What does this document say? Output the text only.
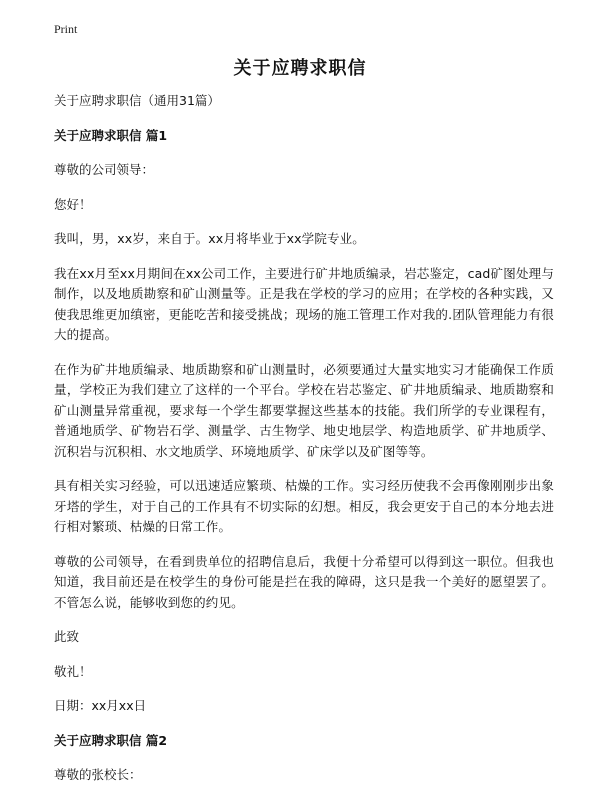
Print
关于应聘求职信
关于应聘求职信（通用31篇）
关于应聘求职信 篇1
尊敬的公司领导：
您好！
我叫，男，xx岁，来自于。xx月将毕业于xx学院专业。
我在xx月至xx月期间在xx公司工作，主要进行矿井地质编录，岩芯鉴定，cad矿图处理与制作，以及地质勘察和矿山测量等。正是我在学校的学习的应用；在学校的各种实践，又使我思维更加缜密，更能吃苦和接受挑战；现场的施工管理工作对我的.团队管理能力有很大的提高。
在作为矿井地质编录、地质勘察和矿山测量时，必须要通过大量实地实习才能确保工作质量，学校正为我们建立了这样的一个平台。学校在岩芯鉴定、矿井地质编录、地质勘察和矿山测量异常重视，要求每一个学生都要掌握这些基本的技能。我们所学的专业课程有，普通地质学、矿物岩石学、测量学、古生物学、地史地层学、构造地质学、矿井地质学、沉积岩与沉积相、水文地质学、环境地质学、矿床学以及矿图等等。
具有相关实习经验，可以迅速适应繁琐、枯燥的工作。实习经历使我不会再像刚刚步出象牙塔的学生，对于自己的工作具有不切实际的幻想。相反，我会更安于自己的本分地去进行相对繁琐、枯燥的日常工作。
尊敬的公司领导，在看到贵单位的招聘信息后，我便十分希望可以得到这一职位。但我也知道，我目前还是在校学生的身份可能是拦在我的障碍，这只是我一个美好的愿望罢了。不管怎么说，能够收到您的约见。
此致
敬礼！
日期：xx月xx日
关于应聘求职信 篇2
尊敬的张校长：
